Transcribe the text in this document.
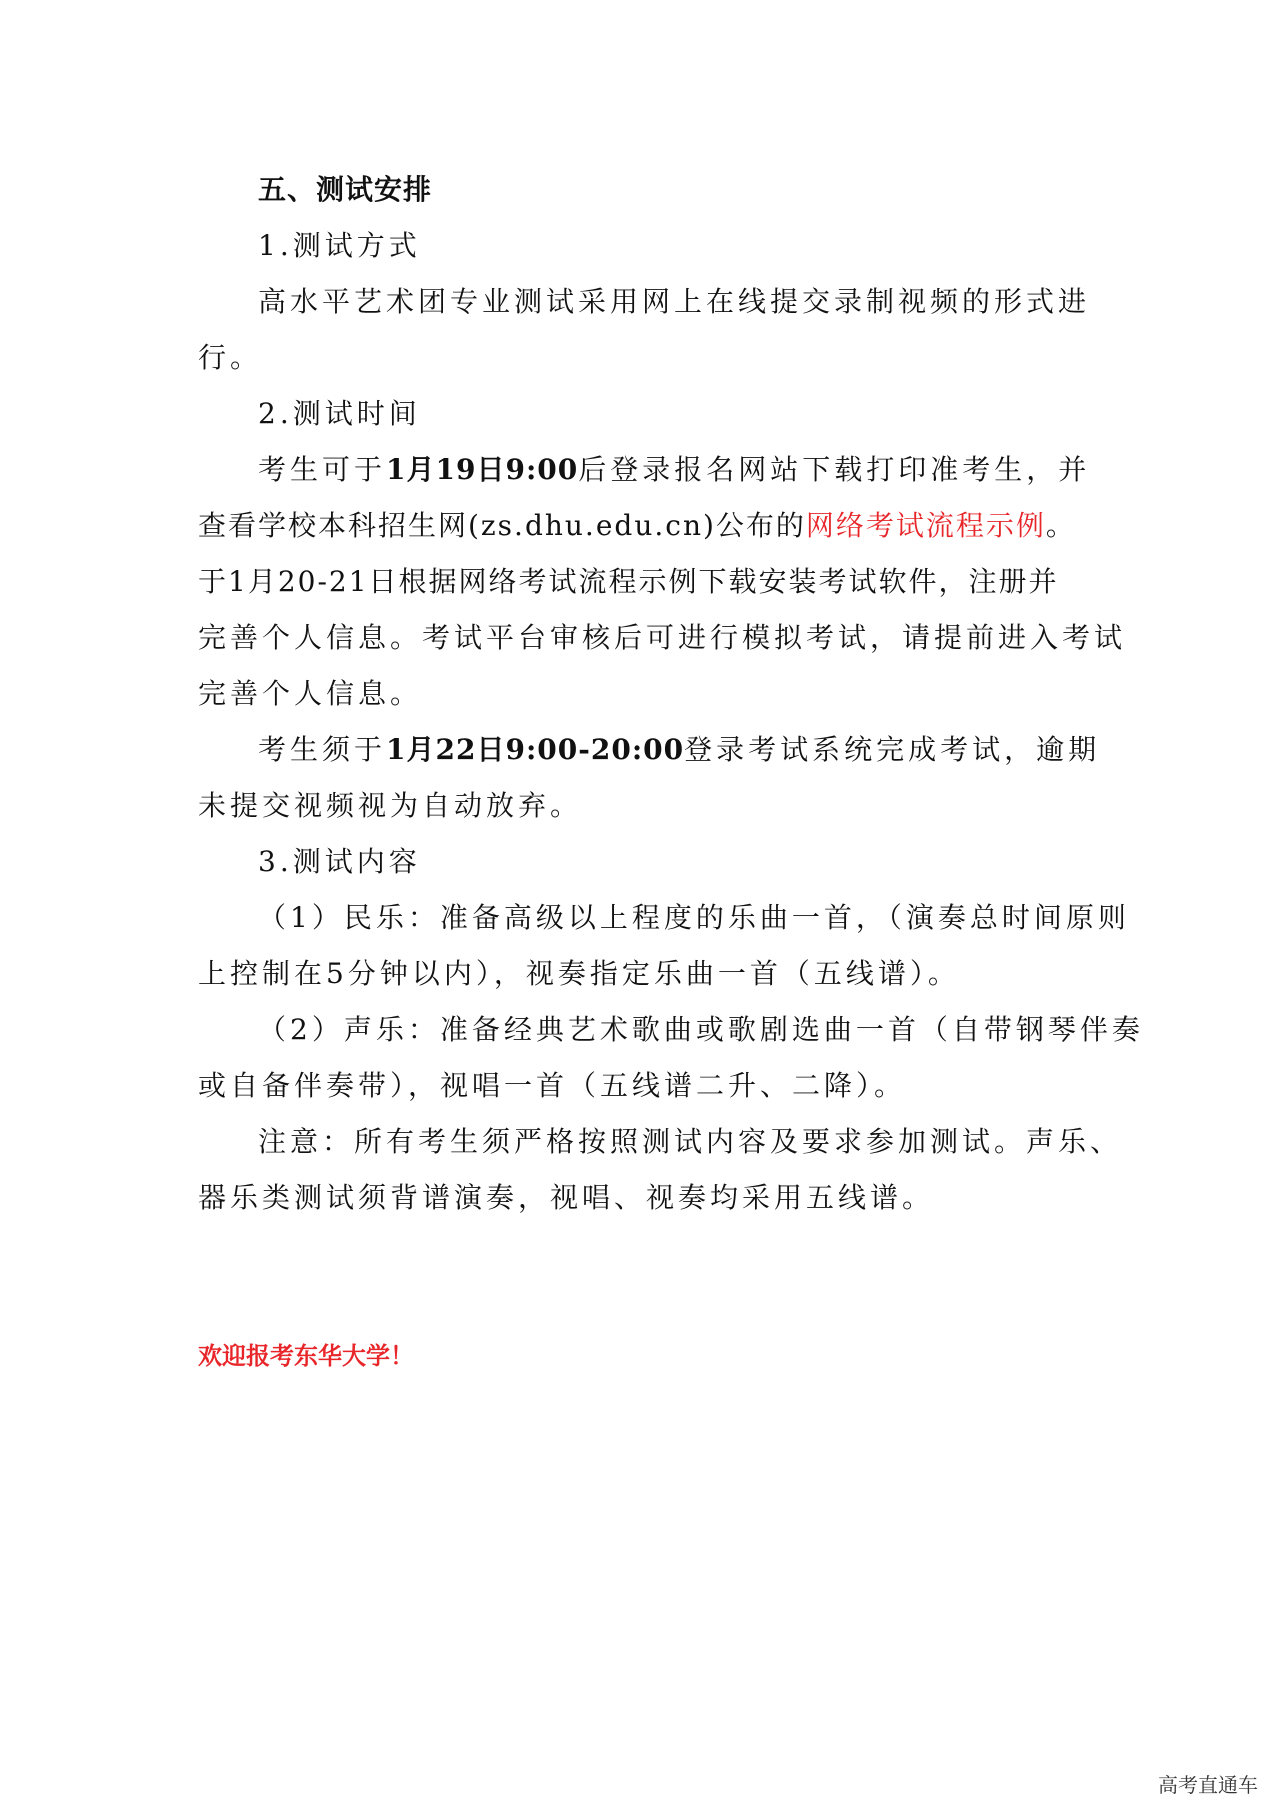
五、测试安排
1.测试方式
高水平艺术团专业测试采用网上在线提交录制视频的形式进
行。
2.测试时间
考生可于1月19日9:00后登录报名网站下载打印准考生，并
查看学校本科招生网(zs.dhu.edu.cn)公布的网络考试流程示例。
于1月20-21日根据网络考试流程示例下载安装考试软件，注册并
完善个人信息。考试平台审核后可进行模拟考试，请提前进入考试
完善个人信息。
考生须于1月22日9:00-20:00登录考试系统完成考试，逾期
未提交视频视为自动放弃。
3.测试内容
（1）民乐：准备高级以上程度的乐曲一首，（演奏总时间原则
上控制在5分钟以内），视奏指定乐曲一首（五线谱）。
（2）声乐：准备经典艺术歌曲或歌剧选曲一首（自带钢琴伴奏
或自备伴奏带），视唱一首（五线谱二升、二降）。
注意：所有考生须严格按照测试内容及要求参加测试。声乐、
器乐类测试须背谱演奏，视唱、视奏均采用五线谱。
欢迎报考东华大学！
高考直通车
